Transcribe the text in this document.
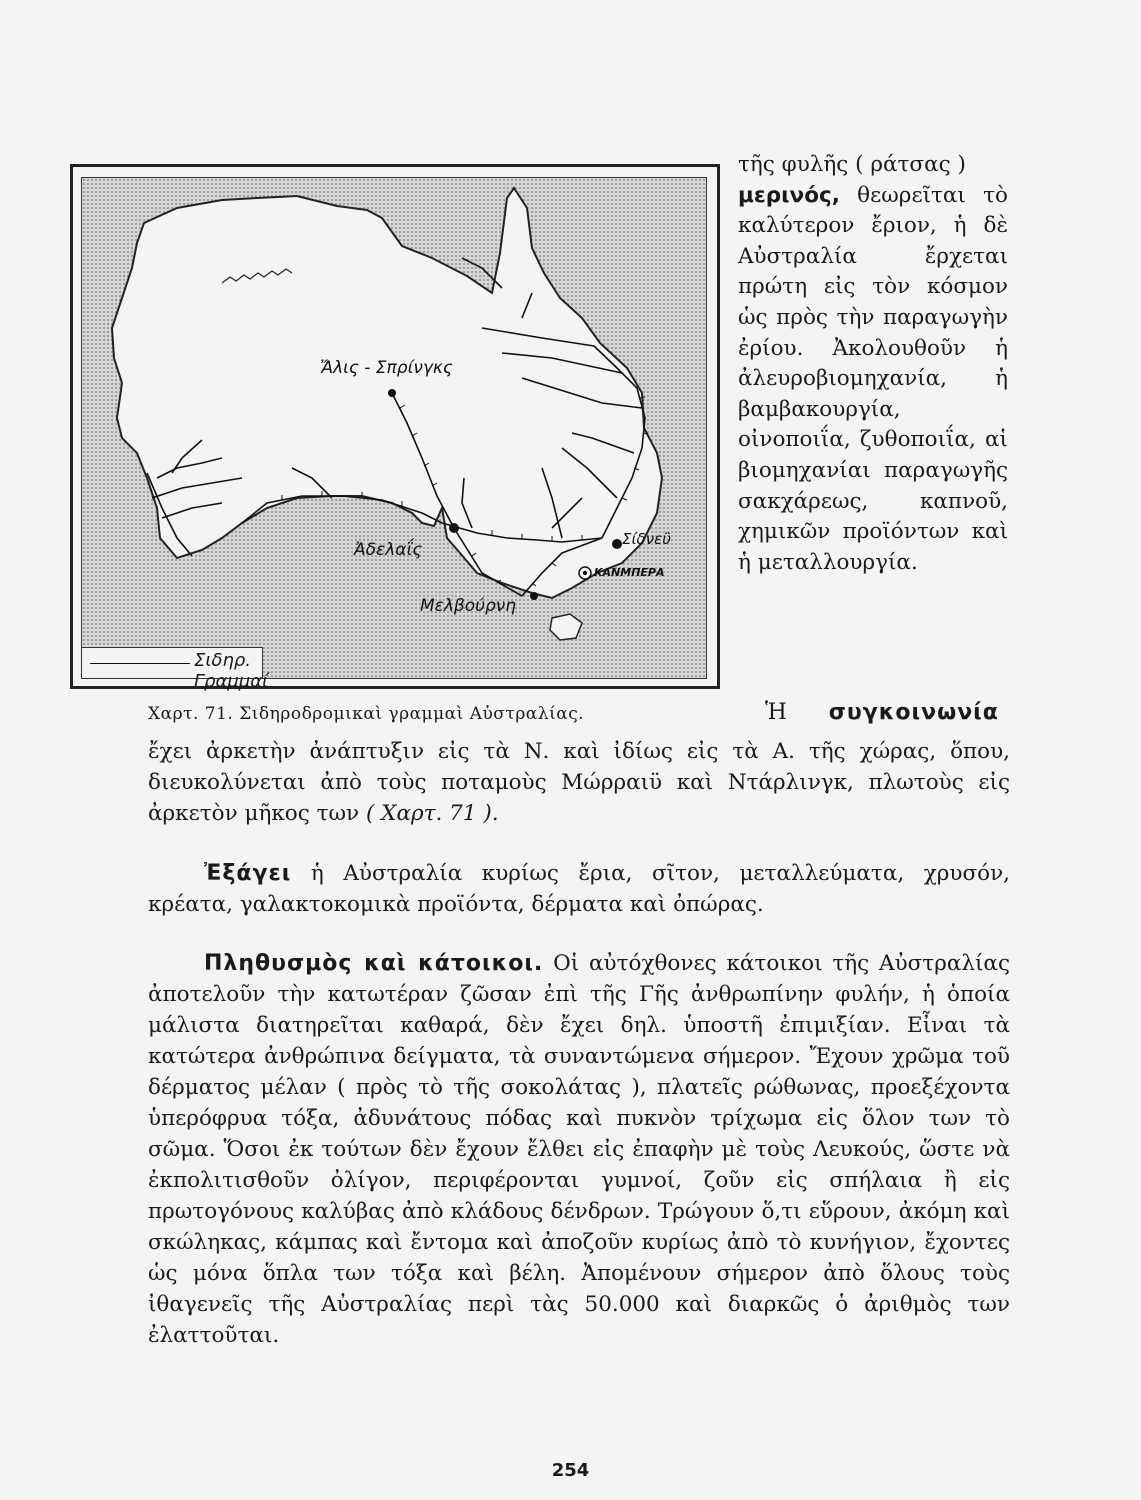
Ἄλις - Σπρίνγκς
Ἀδελαΐς
Μελβούρνη
Σίδνεϋ
ΚΑΝΜΠΕΡΑ
Σιδηρ. Γραμμαί
Χαρτ. 71. Σιδηροδρομικαὶ γραμμαὶ Αὐστραλίας.

τῆς φυλῆς ( ράτσας )
μερινός, θεωρεῖται τὸ καλύτερον ἔριον, ἡ δὲ Αὐστραλία ἔρχεται πρώτη εἰς τὸν κόσμον ὡς πρὸς τὴν παραγωγὴν ἐρίου. Ἀκολουθοῦν ἡ ἀλευροβιομηχανία, ἡ βαμβακουργία, οἰνοποιΐα, ζυθοποιΐα, αἱ βιομηχανίαι παραγωγῆς σακχάρεως, καπνοῦ, χημικῶν προϊόντων καὶ ἡ μεταλλουργία.

Ἡ συγκοινωνία

ἔχει ἀρκετὴν ἀνάπτυξιν εἰς τὰ Ν. καὶ ἰδίως εἰς τὰ Α. τῆς χώρας, ὅπου, διευκολύνεται ἀπὸ τοὺς ποταμοὺς Μώρραιϋ καὶ Ντάρλινγκ, πλωτοὺς εἰς ἀρκετὸν μῆκος των ( Χαρτ. 71 ).

Ἐξάγει ἡ Αὐστραλία κυρίως ἔρια, σῖτον, μεταλλεύματα, χρυσόν, κρέατα, γαλακτοκομικὰ προϊόντα, δέρματα καὶ ὀπώρας.

Πληθυσμὸς καὶ κάτοικοι. Οἱ αὐτόχθονες κάτοικοι τῆς Αὐστραλίας ἀποτελοῦν τὴν κατωτέραν ζῶσαν ἐπὶ τῆς Γῆς ἀνθρωπίνην φυλήν, ἡ ὁποία μάλιστα διατηρεῖται καθαρά, δὲν ἔχει δηλ. ὑποστῆ ἐπιμιξίαν. Εἶναι τὰ κατώτερα ἀνθρώπινα δείγματα, τὰ συναντώμενα σήμερον. Ἔχουν χρῶμα τοῦ δέρματος μέλαν ( πρὸς τὸ τῆς σοκολάτας ), πλατεῖς ρώθωνας, προεξέχοντα ὑπερόφρυα τόξα, ἀδυνάτους πόδας καὶ πυκνὸν τρίχωμα εἰς ὅλον των τὸ σῶμα. Ὅσοι ἐκ τούτων δὲν ἔχουν ἔλθει εἰς ἐπαφὴν μὲ τοὺς Λευκούς, ὥστε νὰ ἐκπολιτισθοῦν ὀλίγον, περιφέρονται γυμνοί, ζοῦν εἰς σπήλαια ἢ εἰς πρωτογόνους καλύβας ἀπὸ κλάδους δένδρων. Τρώγουν ὅ,τι εὕρουν, ἀκόμη καὶ σκώληκας, κάμπας καὶ ἔντομα καὶ ἀποζοῦν κυρίως ἀπὸ τὸ κυνήγιον, ἔχοντες ὡς μόνα ὅπλα των τόξα καὶ βέλη. Ἀπομένουν σήμερον ἀπὸ ὅλους τοὺς ἰθαγενεῖς τῆς Αὐστραλίας περὶ τὰς 50.000 καὶ διαρκῶς ὁ ἀριθμὸς των ἐλαττοῦται.

254
